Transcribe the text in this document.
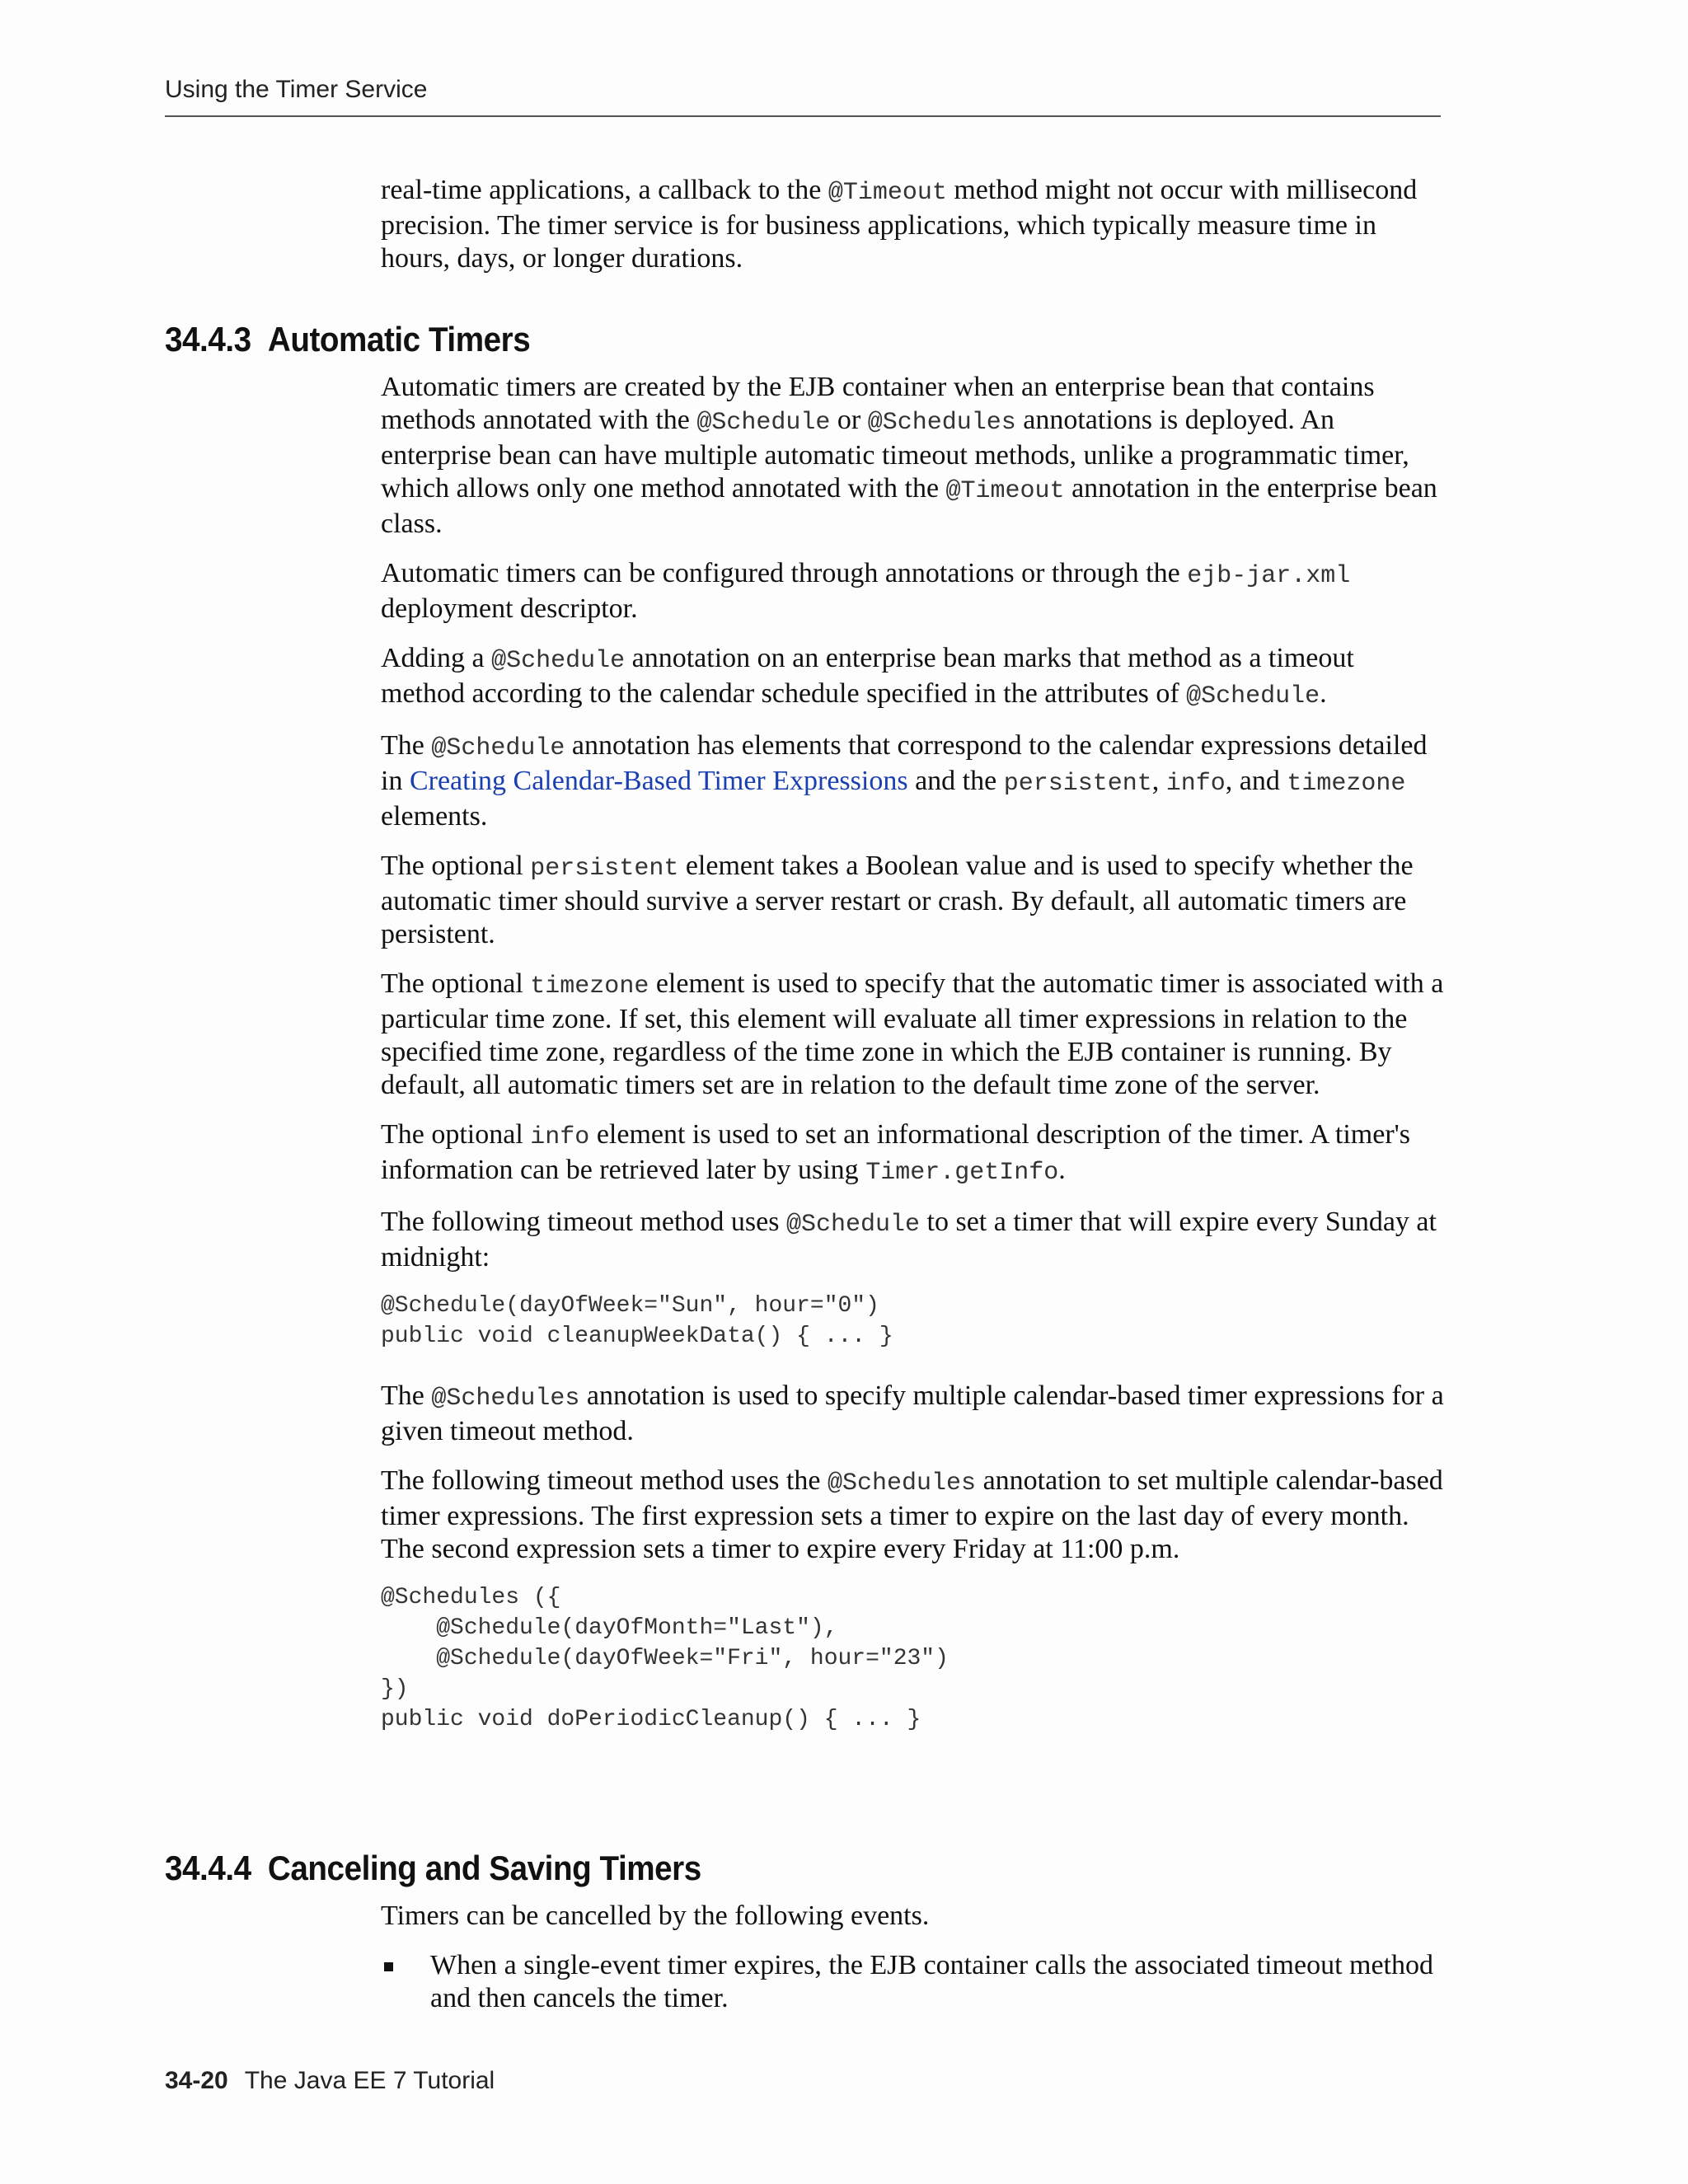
Using the Timer Service

real-time applications, a callback to the @Timeout method might not occur with millisecond precision. The timer service is for business applications, which typically measure time in hours, days, or longer durations.

34.4.3 Automatic Timers

Automatic timers are created by the EJB container when an enterprise bean that contains methods annotated with the @Schedule or @Schedules annotations is deployed. An enterprise bean can have multiple automatic timeout methods, unlike a programmatic timer, which allows only one method annotated with the @Timeout annotation in the enterprise bean class.

Automatic timers can be configured through annotations or through the ejb-jar.xml deployment descriptor.

Adding a @Schedule annotation on an enterprise bean marks that method as a timeout method according to the calendar schedule specified in the attributes of @Schedule.

The @Schedule annotation has elements that correspond to the calendar expressions detailed in Creating Calendar-Based Timer Expressions and the persistent, info, and timezone elements.

The optional persistent element takes a Boolean value and is used to specify whether the automatic timer should survive a server restart or crash. By default, all automatic timers are persistent.

The optional timezone element is used to specify that the automatic timer is associated with a particular time zone. If set, this element will evaluate all timer expressions in relation to the specified time zone, regardless of the time zone in which the EJB container is running. By default, all automatic timers set are in relation to the default time zone of the server.

The optional info element is used to set an informational description of the timer. A timer's information can be retrieved later by using Timer.getInfo.

The following timeout method uses @Schedule to set a timer that will expire every Sunday at midnight:

@Schedule(dayOfWeek="Sun", hour="0")
public void cleanupWeekData() { ... }

The @Schedules annotation is used to specify multiple calendar-based timer expressions for a given timeout method.

The following timeout method uses the @Schedules annotation to set multiple calendar-based timer expressions. The first expression sets a timer to expire on the last day of every month. The second expression sets a timer to expire every Friday at 11:00 p.m.

@Schedules ({
@Schedule(dayOfMonth="Last"),
@Schedule(dayOfWeek="Fri", hour="23")
})
public void doPeriodicCleanup() { ... }
34.4.4 Canceling and Saving Timers

Timers can be cancelled by the following events.

When a single-event timer expires, the EJB container calls the associated timeout method and then cancels the timer.
34-20 The Java EE 7 Tutorial
